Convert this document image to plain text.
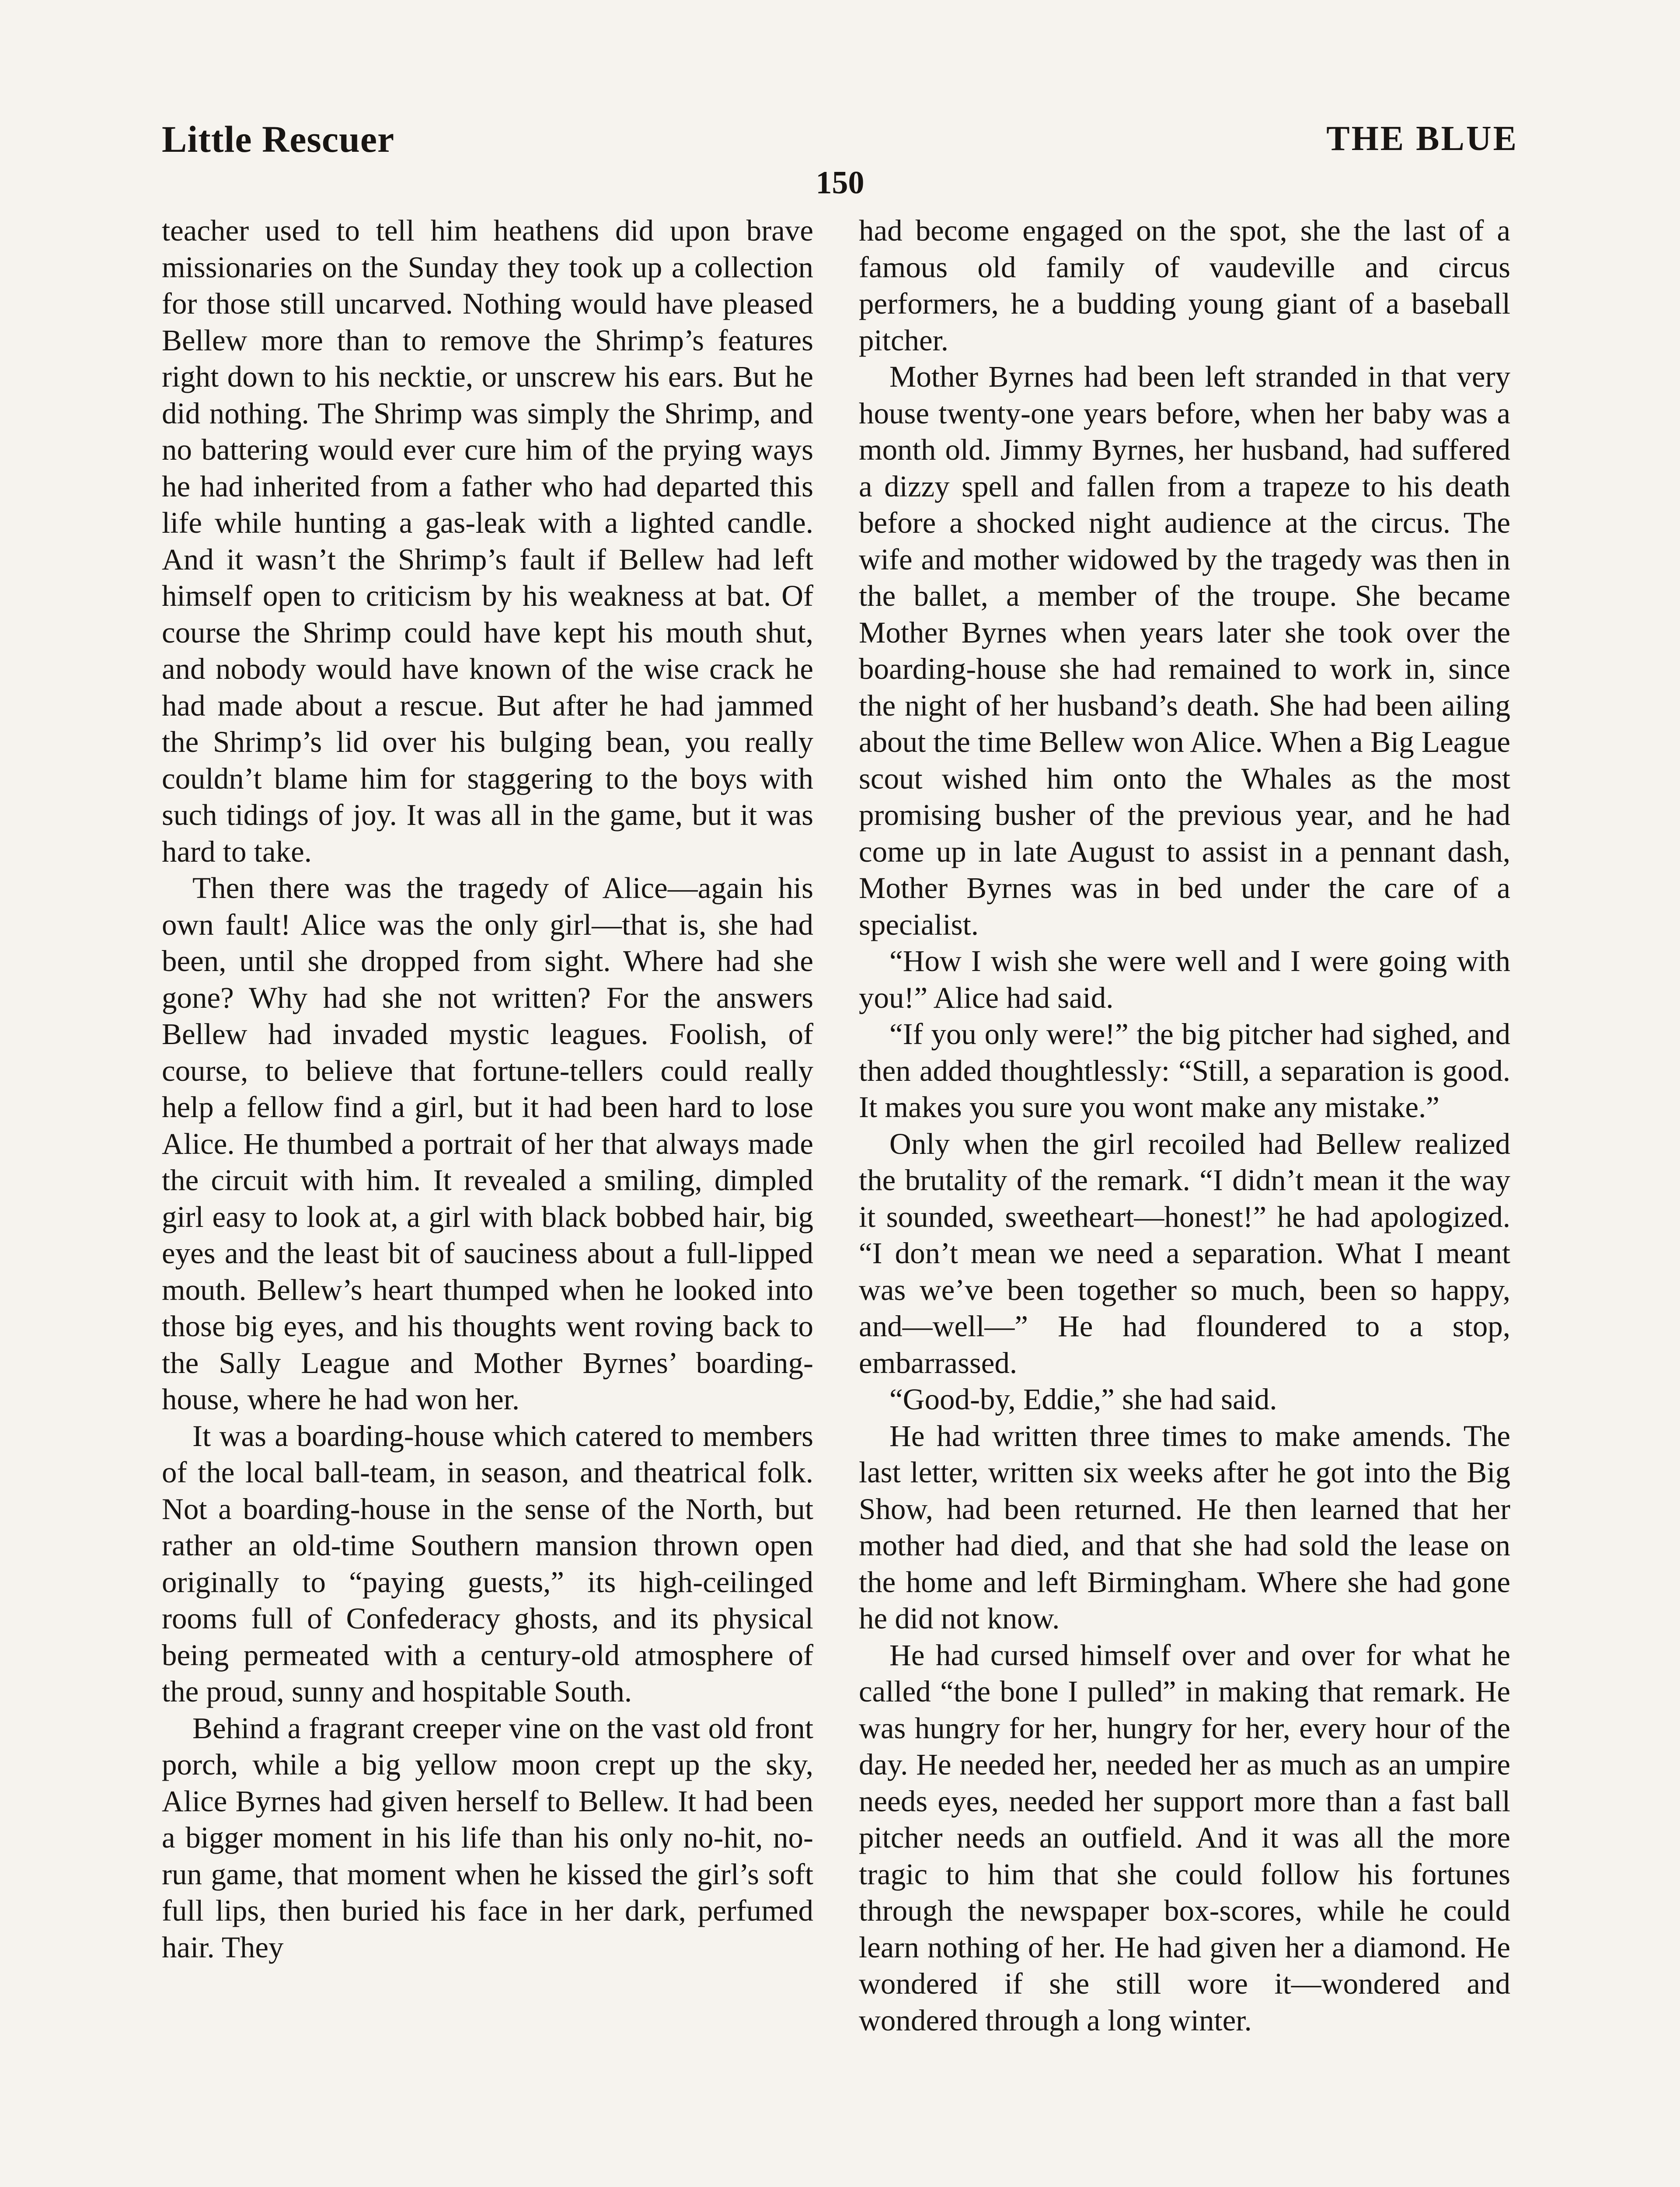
Little Rescuer	THE BLUE
150

teacher used to tell him heathens did upon brave missionaries on the Sunday they took up a collection for those still uncarved. Nothing would have pleased Bellew more than to remove the Shrimp’s features right down to his necktie, or unscrew his ears. But he did nothing. The Shrimp was simply the Shrimp, and no battering would ever cure him of the prying ways he had inherited from a father who had departed this life while hunting a gas-leak with a lighted candle. And it wasn’t the Shrimp’s fault if Bellew had left himself open to criticism by his weakness at bat. Of course the Shrimp could have kept his mouth shut, and nobody would have known of the wise crack he had made about a rescue. But after he had jammed the Shrimp’s lid over his bulging bean, you really couldn’t blame him for staggering to the boys with such tidings of joy. It was all in the game, but it was hard to take.

Then there was the tragedy of Alice—again his own fault! Alice was the only girl—that is, she had been, until she dropped from sight. Where had she gone? Why had she not written? For the answers Bellew had invaded mystic leagues. Foolish, of course, to believe that fortune-tellers could really help a fellow find a girl, but it had been hard to lose Alice. He thumbed a portrait of her that always made the circuit with him. It revealed a smiling, dimpled girl easy to look at, a girl with black bobbed hair, big eyes and the least bit of sauciness about a full-lipped mouth. Bellew’s heart thumped when he looked into those big eyes, and his thoughts went roving back to the Sally League and Mother Byrnes’ boarding-house, where he had won her.

It was a boarding-house which catered to members of the local ball-team, in season, and theatrical folk. Not a boarding-house in the sense of the North, but rather an old-time Southern mansion thrown open originally to “paying guests,” its high-ceilinged rooms full of Confederacy ghosts, and its physical being permeated with a century-old atmosphere of the proud, sunny and hospitable South.

Behind a fragrant creeper vine on the vast old front porch, while a big yellow moon crept up the sky, Alice Byrnes had given herself to Bellew. It had been a bigger moment in his life than his only no-hit, no-run game, that moment when he kissed the girl’s soft full lips, then buried his face in her dark, perfumed hair. They

had become engaged on the spot, she the last of a famous old family of vaudeville and circus performers, he a budding young giant of a baseball pitcher.

Mother Byrnes had been left stranded in that very house twenty-one years before, when her baby was a month old. Jimmy Byrnes, her husband, had suffered a dizzy spell and fallen from a trapeze to his death before a shocked night audience at the circus. The wife and mother widowed by the tragedy was then in the ballet, a member of the troupe. She became Mother Byrnes when years later she took over the boarding-house she had remained to work in, since the night of her husband’s death. She had been ailing about the time Bellew won Alice. When a Big League scout wished him onto the Whales as the most promising busher of the previous year, and he had come up in late August to assist in a pennant dash, Mother Byrnes was in bed under the care of a specialist.

“How I wish she were well and I were going with you!” Alice had said.

“If you only were!” the big pitcher had sighed, and then added thoughtlessly: “Still, a separation is good. It makes you sure you wont make any mistake.”

Only when the girl recoiled had Bellew realized the brutality of the remark. “I didn’t mean it the way it sounded, sweetheart—honest!” he had apologized. “I don’t mean we need a separation. What I meant was we’ve been together so much, been so happy, and—well—” He had floundered to a stop, embarrassed.

“Good-by, Eddie,” she had said.

He had written three times to make amends. The last letter, written six weeks after he got into the Big Show, had been returned. He then learned that her mother had died, and that she had sold the lease on the home and left Birmingham. Where she had gone he did not know.

He had cursed himself over and over for what he called “the bone I pulled” in making that remark. He was hungry for her, hungry for her, every hour of the day. He needed her, needed her as much as an umpire needs eyes, needed her support more than a fast ball pitcher needs an outfield. And it was all the more tragic to him that she could follow his fortunes through the newspaper box-scores, while he could learn nothing of her. He had given her a diamond. He wondered if she still wore it—wondered and wondered through a long winter.
